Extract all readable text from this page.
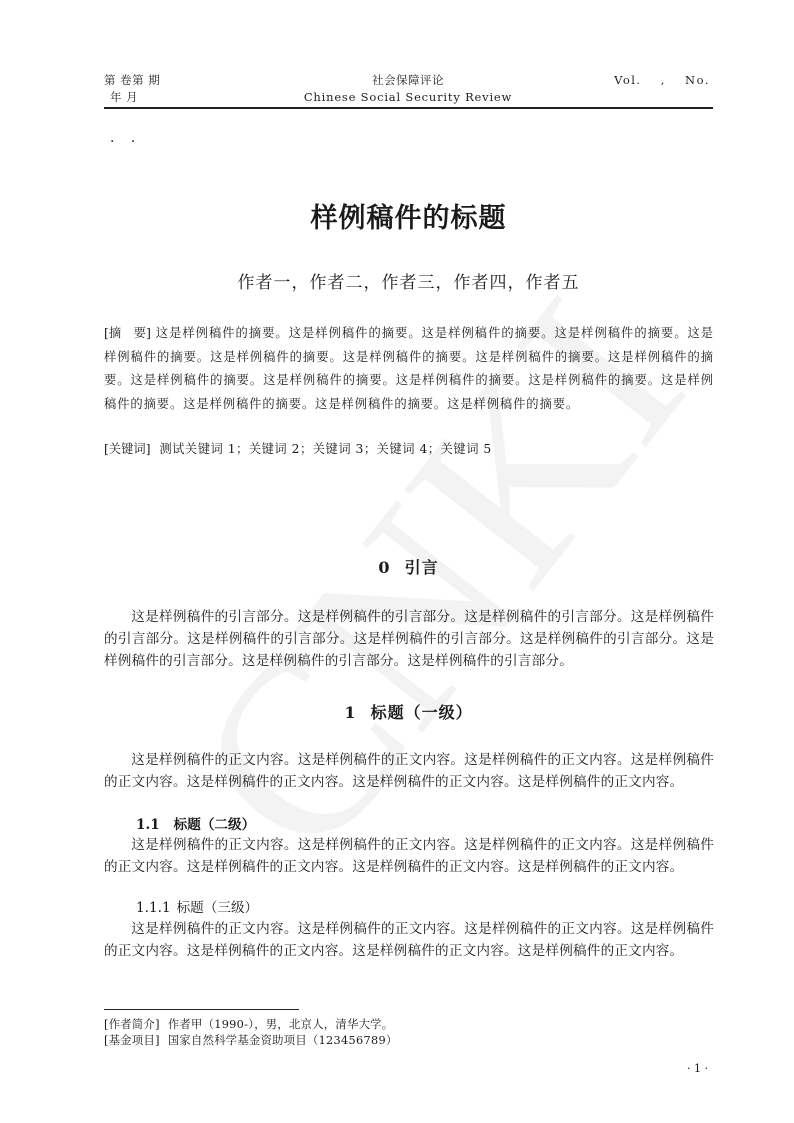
第 卷第 期
年 月
社会保障评论
Chinese Social Security Review
Vol. , No.
· ·
样例稿件的标题
作者一，作者二，作者三，作者四，作者五
[摘　要] 这是样例稿件的摘要。这是样例稿件的摘要。这是样例稿件的摘要。这是样例稿件的摘要。这是样例稿件的摘要。这是样例稿件的摘要。这是样例稿件的摘要。这是样例稿件的摘要。这是样例稿件的摘要。这是样例稿件的摘要。这是样例稿件的摘要。这是样例稿件的摘要。这是样例稿件的摘要。这是样例稿件的摘要。这是样例稿件的摘要。这是样例稿件的摘要。这是样例稿件的摘要。
[关键词] 测试关键词 1；关键词 2；关键词 3；关键词 4；关键词 5
0 引言
这是样例稿件的引言部分。这是样例稿件的引言部分。这是样例稿件的引言部分。这是样例稿件的引言部分。这是样例稿件的引言部分。这是样例稿件的引言部分。这是样例稿件的引言部分。这是样例稿件的引言部分。这是样例稿件的引言部分。这是样例稿件的引言部分。
1 标题（一级）
这是样例稿件的正文内容。这是样例稿件的正文内容。这是样例稿件的正文内容。这是样例稿件的正文内容。这是样例稿件的正文内容。这是样例稿件的正文内容。这是样例稿件的正文内容。
1.1 标题（二级）
这是样例稿件的正文内容。这是样例稿件的正文内容。这是样例稿件的正文内容。这是样例稿件的正文内容。这是样例稿件的正文内容。这是样例稿件的正文内容。这是样例稿件的正文内容。
1.1.1 标题（三级）
这是样例稿件的正文内容。这是样例稿件的正文内容。这是样例稿件的正文内容。这是样例稿件的正文内容。这是样例稿件的正文内容。这是样例稿件的正文内容。这是样例稿件的正文内容。
[作者简介] 作者甲（1990-），男，北京人，清华大学。
[基金项目] 国家自然科学基金资助项目（123456789）
· 1 ·
